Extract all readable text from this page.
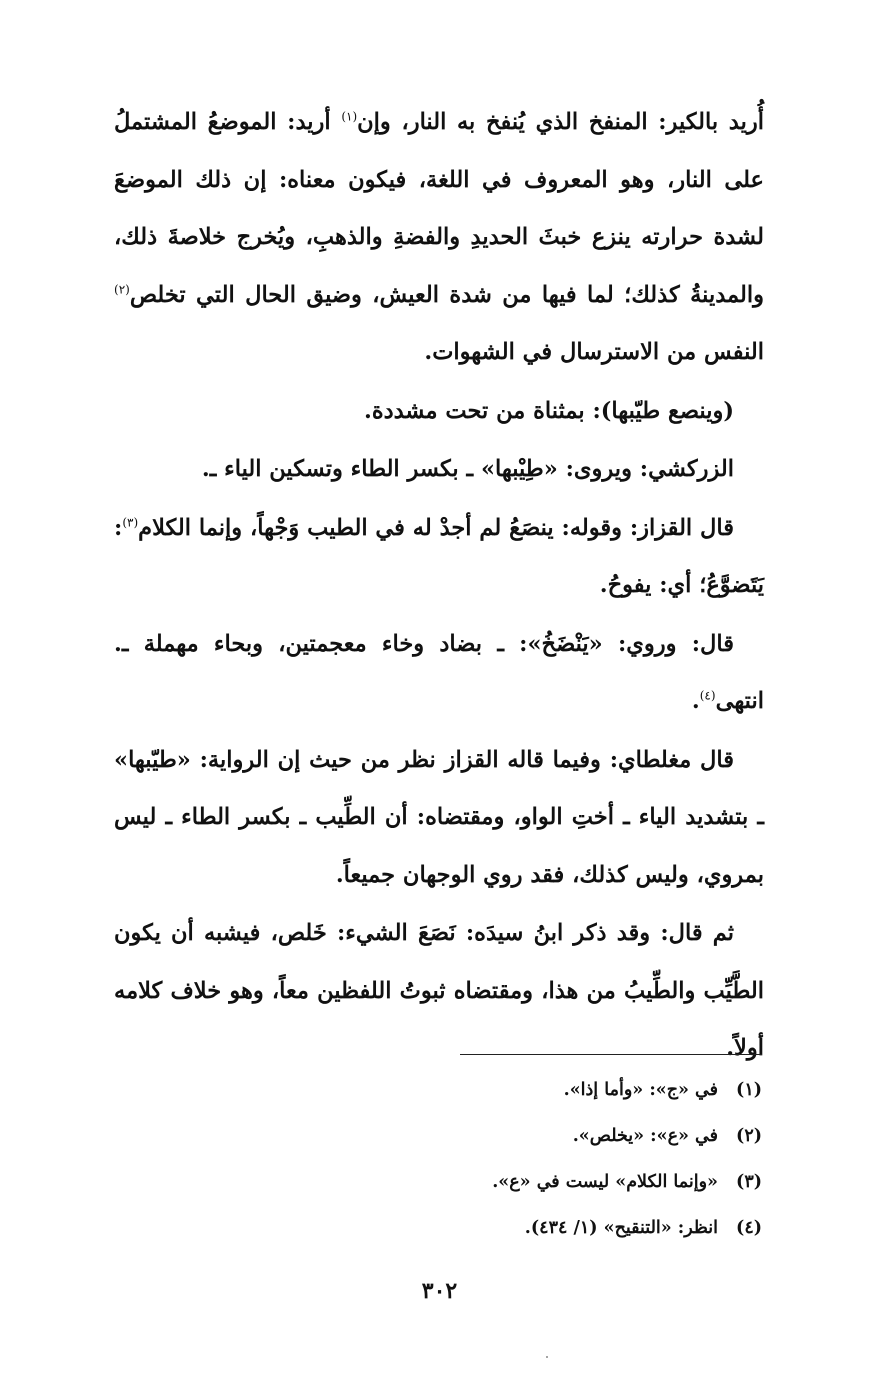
أُريد بالكير: المنفخ الذي يُنفخ به النار، وإن$^{(١)}$ أريد: الموضعُ المشتملُ على النار، وهو المعروف في اللغة، فيكون معناه: إن ذلك الموضعَ لشدة حرارته ينزع خبثَ الحديدِ والفضةِ والذهبِ، ويُخرج خلاصةَ ذلك، والمدينةُ كذلك؛ لما فيها من شدة العيش، وضيق الحال التي تخلص$^{(٢)}$ النفس من الاسترسال في الشهوات.

(وينصع طيّبها): بمثناة من تحت مشددة.

الزركشي: ويروى: «طِيْبها» ـ بكسر الطاء وتسكين الياء ـ.

قال القزاز: وقوله: ينصَعُ لم أجدْ له في الطيب وَجْهاً، وإنما الكلام$^{(٣)}$: يَتَضوَّعُ؛ أي: يفوحُ.

قال: وروي: «يَنْضَخُ»: ـ بضاد وخاء معجمتين، وبحاء مهملة ـ. انتهى$^{(٤)}$.

قال مغلطاي: وفيما قاله القزاز نظر من حيث إن الرواية: «طيّبها» ـ بتشديد الياء ـ أختِ الواو، ومقتضاه: أن الطِّيب ـ بكسر الطاء ـ ليس بمروي، وليس كذلك، فقد روي الوجهان جميعاً.

ثم قال: وقد ذكر ابنُ سيدَه: نَصَعَ الشيء: خَلص، فيشبه أن يكون الطَّيِّب والطِّيبُ من هذا، ومقتضاه ثبوتُ اللفظين معاً، وهو خلاف كلامه أولاً.

(١)
في «ج»: «وأما إذا».
(٢)
في «ع»: «يخلص».
(٣)
«وإنما الكلام» ليست في «ع».
(٤)
انظر: «التنقيح» (١/ ٤٣٤).
٣٠٢
